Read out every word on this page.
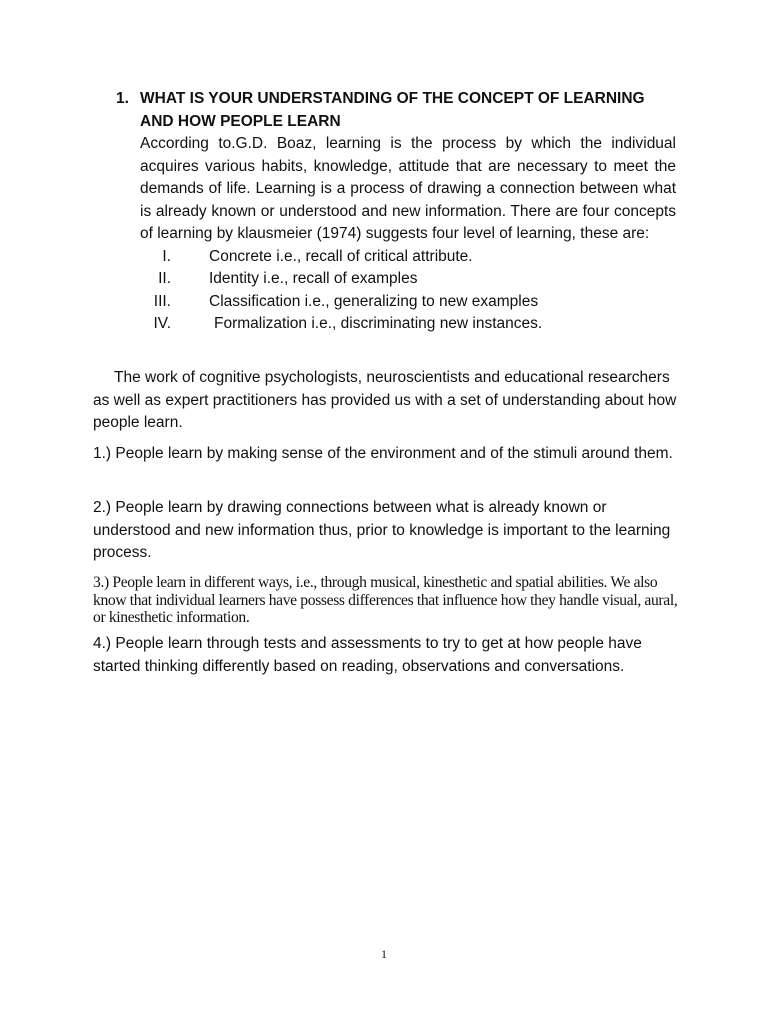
1. WHAT IS YOUR UNDERSTANDING OF THE CONCEPT OF LEARNING AND HOW PEOPLE LEARN
According to.G.D. Boaz, learning is the process by which the individual acquires various habits, knowledge, attitude that are necessary to meet the demands of life. Learning is a process of drawing a connection between what is already known or understood and new information. There are four concepts of learning by klausmeier (1974) suggests four level of learning, these are:
I. Concrete i.e., recall of critical attribute.
II. Identity i.e., recall of examples
III. Classification i.e., generalizing to new examples
IV.	Formalization i.e., discriminating new instances.

The work of cognitive psychologists, neuroscientists and educational researchers as well as expert practitioners has provided us with a set of understanding about how people learn.

1.) People learn by making sense of the environment and of the stimuli around them.

2.) People learn by drawing connections between what is already known or understood and new information thus, prior to knowledge is important to the learning process.

3.) People learn in different ways, i.e., through musical, kinesthetic and spatial abilities. We also know that individual learners have possess differences that influence how they handle visual, aural, or kinesthetic information.

4.) People learn through tests and assessments to try to get at how people have started thinking differently based on reading, observations and conversations.

1
